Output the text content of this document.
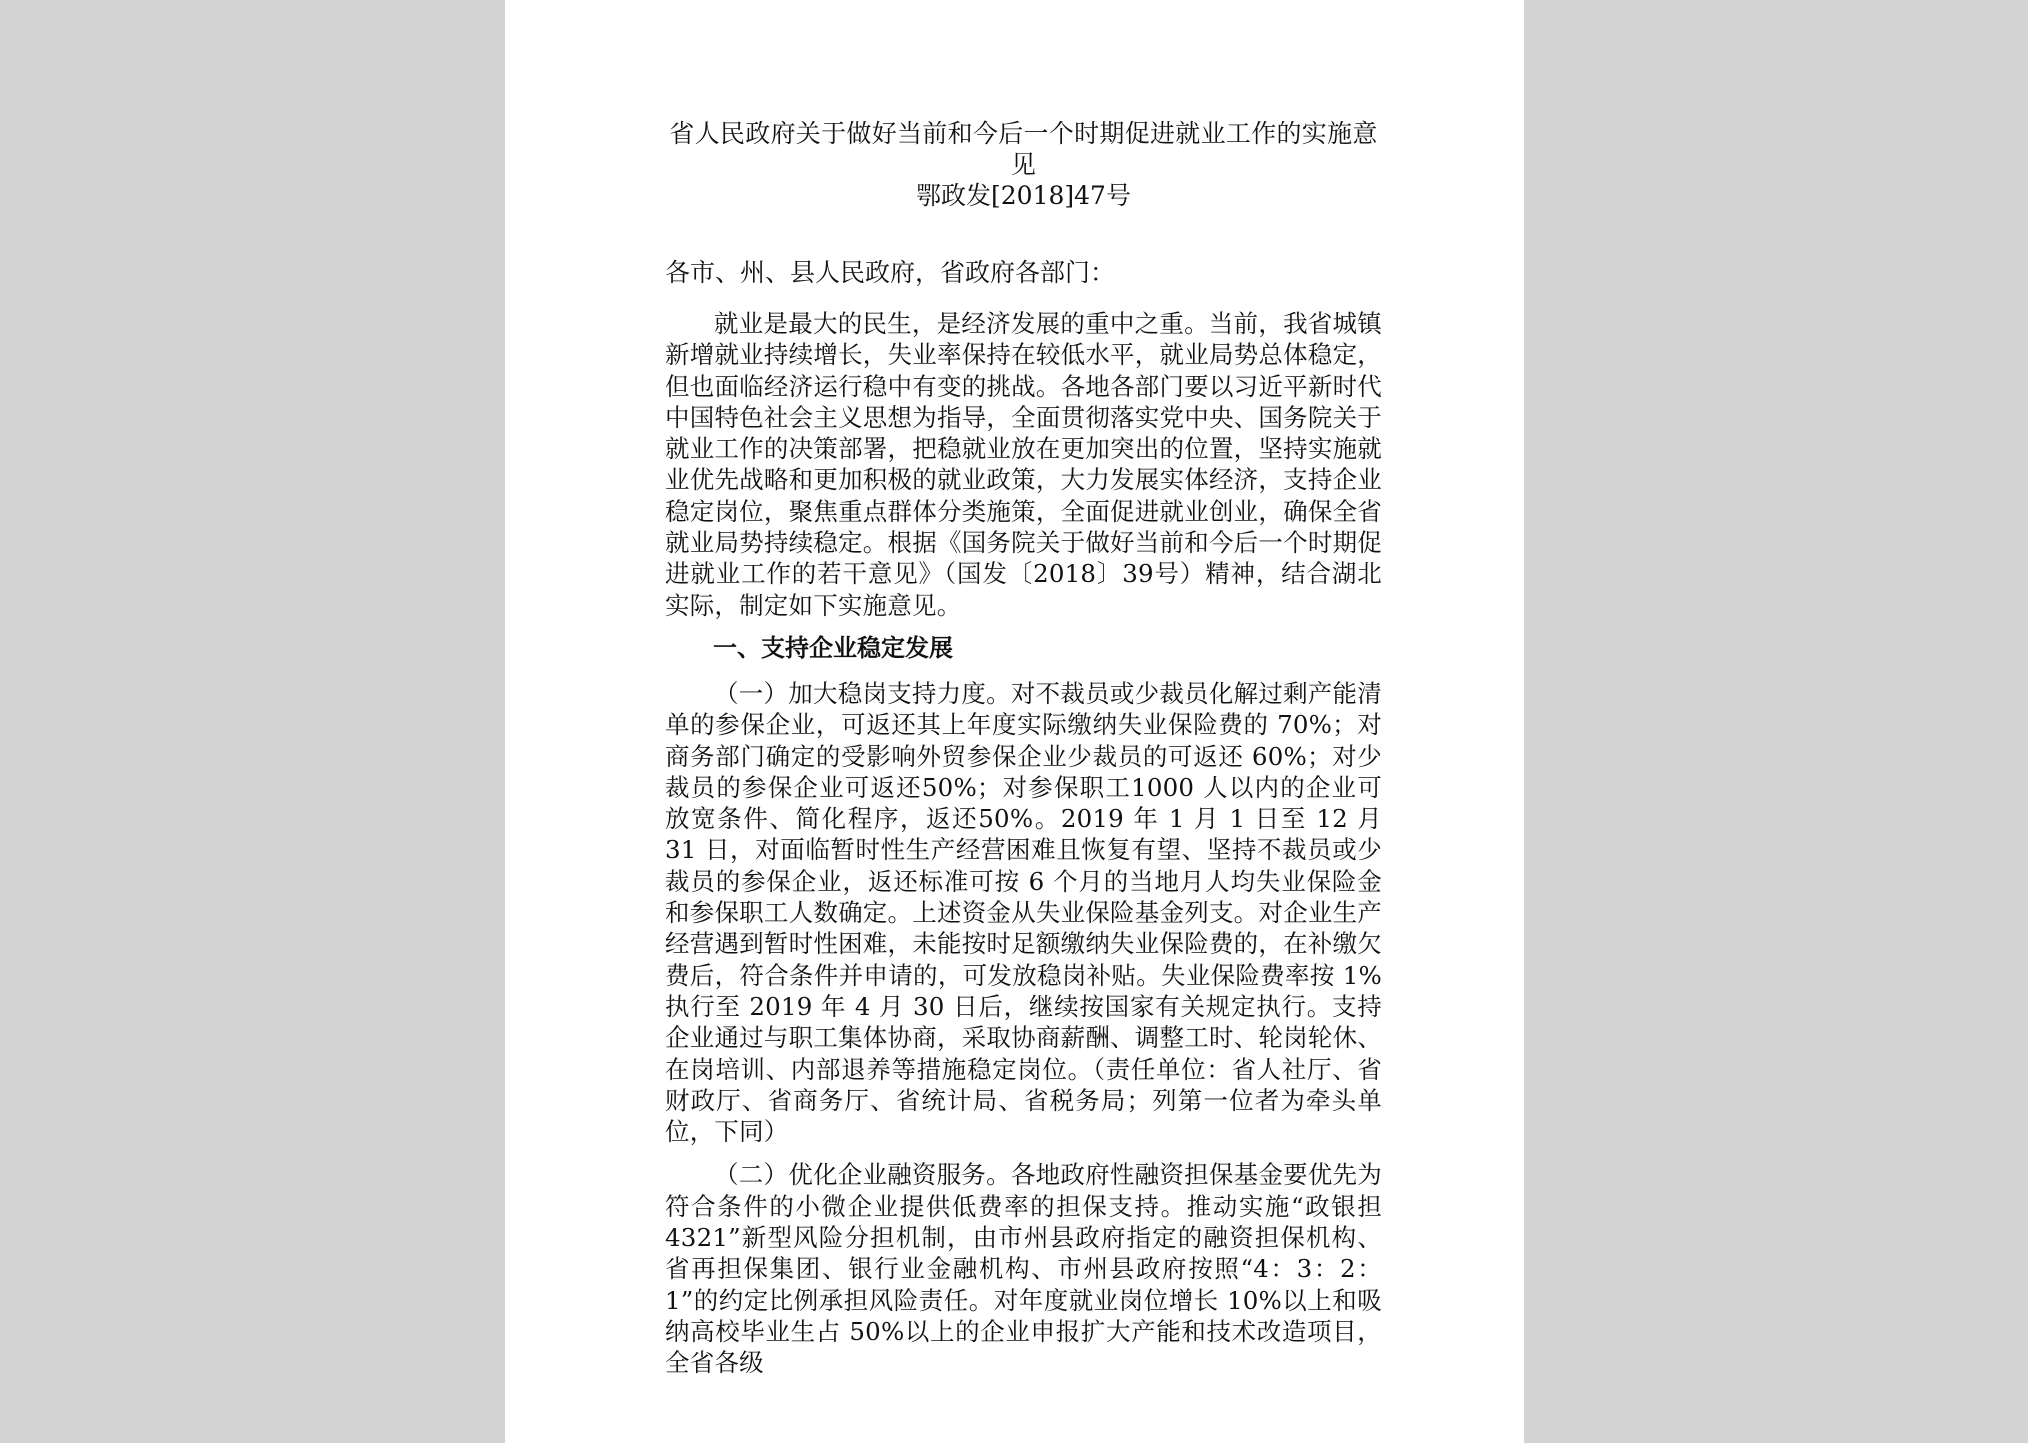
省人民政府关于做好当前和今后一个时期促进就业工作的实施意见

鄂政发[2018]47号

各市、州、县人民政府，省政府各部门：

就业是最大的民生，是经济发展的重中之重。当前，我省城镇新增就业持续增长，失业率保持在较低水平，就业局势总体稳定，但也面临经济运行稳中有变的挑战。各地各部门要以习近平新时代中国特色社会主义思想为指导，全面贯彻落实党中央、国务院关于就业工作的决策部署，把稳就业放在更加突出的位置，坚持实施就业优先战略和更加积极的就业政策，大力发展实体经济，支持企业稳定岗位，聚焦重点群体分类施策，全面促进就业创业，确保全省就业局势持续稳定。根据《国务院关于做好当前和今后一个时期促进就业工作的若干意见》（国发〔2018〕39号）精神，结合湖北实际，制定如下实施意见。

一、支持企业稳定发展

（一）加大稳岗支持力度。对不裁员或少裁员化解过剩产能清单的参保企业，可返还其上年度实际缴纳失业保险费的 70%；对商务部门确定的受影响外贸参保企业少裁员的可返还 60%；对少裁员的参保企业可返还50%；对参保职工1000 人以内的企业可放宽条件、简化程序，返还50%。2019 年 1 月 1 日至 12 月 31 日，对面临暂时性生产经营困难且恢复有望、坚持不裁员或少裁员的参保企业，返还标准可按 6 个月的当地月人均失业保险金和参保职工人数确定。上述资金从失业保险基金列支。对企业生产经营遇到暂时性困难，未能按时足额缴纳失业保险费的，在补缴欠费后，符合条件并申请的，可发放稳岗补贴。失业保险费率按 1%执行至 2019 年 4 月 30 日后，继续按国家有关规定执行。支持企业通过与职工集体协商，采取协商薪酬、调整工时、轮岗轮休、在岗培训、内部退养等措施稳定岗位。（责任单位：省人社厅、省财政厅、省商务厅、省统计局、省税务局；列第一位者为牵头单位，下同）

（二）优化企业融资服务。各地政府性融资担保基金要优先为符合条件的小微企业提供低费率的担保支持。推动实施“政银担4321”新型风险分担机制，由市州县政府指定的融资担保机构、省再担保集团、银行业金融机构、市州县政府按照“4：3：2：1”的约定比例承担风险责任。对年度就业岗位增长 10%以上和吸纳高校毕业生占 50%以上的企业申报扩大产能和技术改造项目，全省各级
